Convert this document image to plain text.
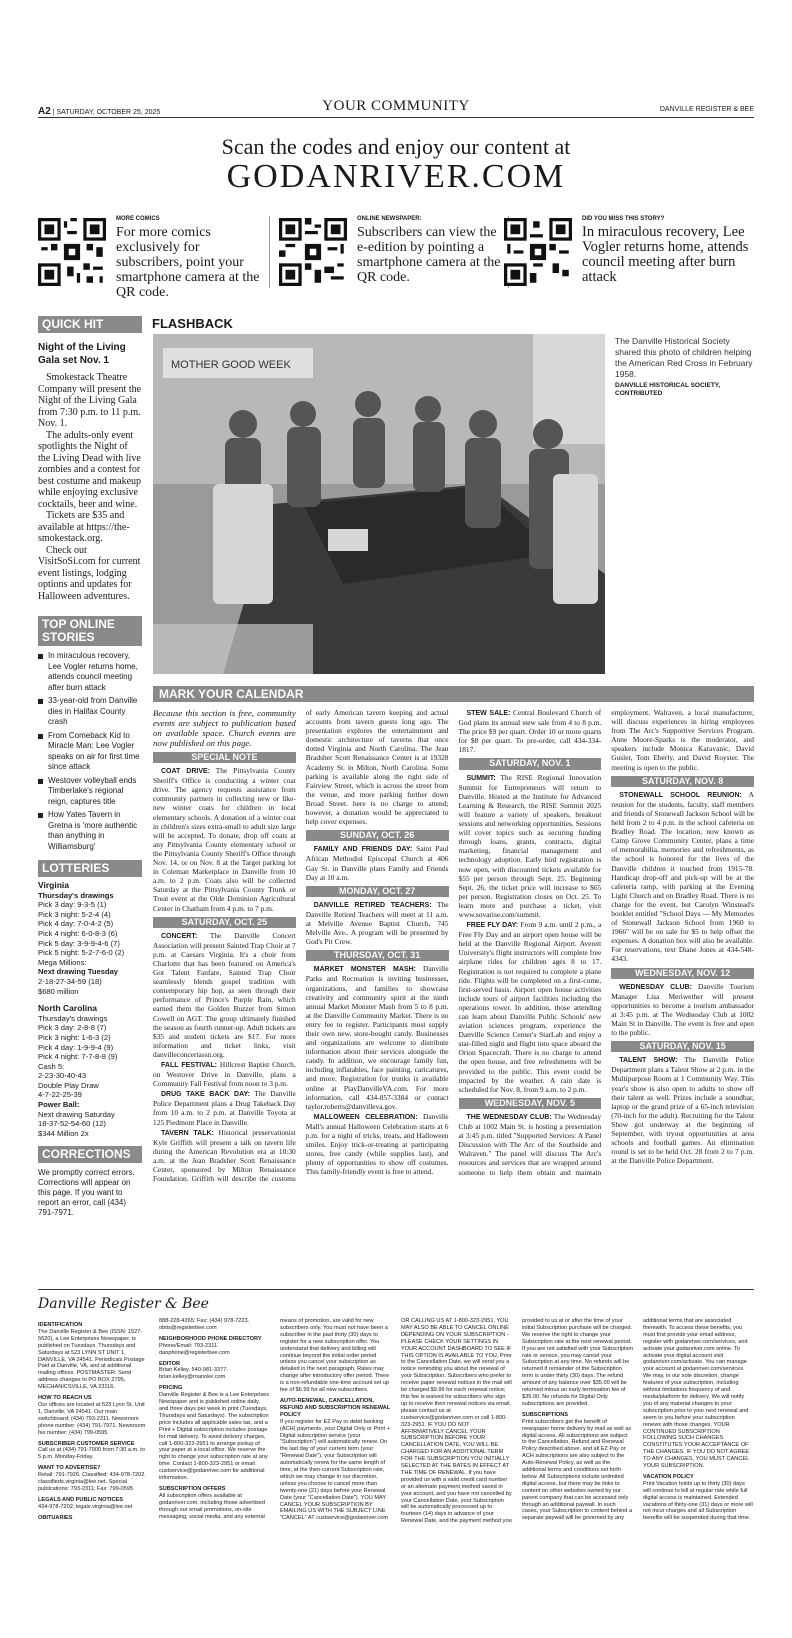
A2 | SATURDAY, OCTOBER 25, 2025	YOUR COMMUNITY	DANVILLE REGISTER & BEE
Scan the codes and enjoy our content at
GODANRIVER.COM
MORE COMICS
For more comics exclusively for subscribers, point your smartphone camera at the QR code.
ONLINE NEWSPAPER:
Subscribers can view the e-edition by pointing a smartphone camera at the QR code.
DID YOU MISS THIS STORY?
In miraculous recovery, Lee Vogler returns home, attends council meeting after burn attack
QUICK HIT
Night of the Living Gala set Nov. 1

Smokestack Theatre Company will present the Night of the Living Gala from 7:30 p.m. to 11 p.m. Nov. 1.

The adults-only event spotlights the Night of the Living Dead with live zombies and a contest for best costume and makeup while enjoying exclusive cocktails, beer and wine.

Tickets are $35 and available at https://the-smokestack.org.

Check out VisitSoSi.com for current event listings, lodging options and updates for Halloween adventures.

TOP ONLINE STORIES
In miraculous recovery, Lee Vogler returns home, attends council meeting after burn attack
33-year-old from Danville dies in Halifax County crash
From Comeback Kid to Miracle Man: Lee Vogler speaks on air for first time since attack
Westover volleyball ends Timberlake's regional reign, captures title
How Yates Tavern in Gretna is 'more authentic than anything in Williamsburg'
LOTTERIES
Virginia
Thursday's drawings
Pick 3 day: 9-3-5 (1)
Pick 3 night: 5-2-4 (4)
Pick 4 day: 7-0-4-2 (5)
Pick 4 night: 6-0-8-3 (6)
Pick 5 day: 3-9-9-4-6 (7)
Pick 5 night: 5-2-7-6-0 (2)
Mega Millions:
Next drawing Tuesday
2-18-27-34-59 (18)
$680 million
North Carolina
Thursday's drawings
Pick 3 day: 2-8-8 (7)
Pick 3 night: 1-6-3 (2)
Pick 4 day: 1-9-9-4 (9)
Pick 4 night: 7-7-8-8 (9)
Cash 5:
2-23-30-40-43
Double Play Draw
4-7-22-25-39
Power Ball:
Next drawing Saturday
18-37-52-54-60 (12)
$344 Million 2x
CORRECTIONS
We promptly correct errors. Corrections will appear on this page. If you want to report an error, call (434) 791-7971.
FLASHBACK
MOTHER GOOD WEEK
The Danville Historical Society shared this photo of children helping the American Red Cross in February 1958.
DANVILLE HISTORICAL SOCIETY, CONTRIBUTED
MARK YOUR CALENDAR
Because this section is free, community events are subject to publication based on available space. Church events are now published on this page.
SPECIAL NOTE

COAT DRIVE: The Pittsylvania County Sheriff's Office is conducting a winter coat drive. The agency requests assistance from community partners in collecting new or like-new winter coats for children in local elementary schools. A donation of a winter coat in children's sizes extra-small to adult size large will be accepted. To donate, drop off coats at any Pittsylvania County elementary school or the Pittsylvania County Sheriff's Office through Nov. 14, or on Nov. 8 at the Target parking lot in Coleman Marketplace in Danville from 10 a.m. to 2 p.m. Coats also will be collected Saturday at the Pittsylvania County Trunk or Treat event at the Olde Dominion Agricultural Center in Chatham from 4 p.m. to 7 p.m.

SATURDAY, OCT. 25

CONCERT: The Danville Concert Association will present Sainted Trap Choir at 7 p.m. at Caesars Virginia. It's a choir from Charlotte that has been featured on America's Got Talent Fanfare, Sainted Trap Choir seamlessly blends gospel tradition with contemporary hip hop, as seen through their performance of Prince's Purple Rain, which earned them the Golden Buzzer from Simon Cowell on AGT. The group ultimately finished the season as fourth runner-up. Adult tickets are $35 and student tickets are $17. For more information and ticket links, visit danvilleconcertassn.org.

FALL FESTIVAL: Hillcrest Baptist Church, on Westover Drive in Danville, plans a Community Fall Festival from noon to 3 p.m.

DRUG TAKE BACK DAY: The Danville Police Department plans a Drug Takeback Day from 10 a.m. to 2 p.m. at Danville Toyota at 125 Piedmont Place in Danville.

TAVERN TALK: Historical preservationist Kyle Griffith will present a talk on tavern life during the American Revolution era at 10:30 a.m. at the Jean Bradsher Scott Renaissance Center, sponsored by Milton Renaissance Foundation. Griffith will describe the customs of early American tavern keeping and actual accounts from tavern guests long ago. The presentation explores the entertainment and domestic architecture of taverns that once dotted Virginia and North Carolina. The Jean Bradsher Scott Renaissance Center is at 19328 Academy St. in Milton, North Carolina. Some parking is available along the right side of Fairview Street, which is across the street from the venue, and more parking further down Broad Street. here is no charge to attend; however, a donation would be appreciated to help cover expenses.

SUNDAY, OCT. 26

FAMILY AND FRIENDS DAY: Saint Paul African Methodist Episcopal Church at 406 Gay St. in Danville plans Family and Friends Day at 10 a.m.

MONDAY, OCT. 27

DANVILLE RETIRED TEACHERS: The Danville Retired Teachers will meet at 11 a.m. at Melville Avenue Baptist Church, 745 Melville Ave.. A program will be presented by God's Pit Crew.

THURSDAY, OCT. 31

MARKET MONSTER MASH: Danville Parks and Recreation is inviting businesses, organizations, and families to showcase creativity and community spirit at the ninth annual Market Monster Mash from 5 to 8 p.m. at the Danville Community Market. There is no entry fee to register. Participants must supply their own new, store-bought candy. Businesses and organizations are welcome to distribute information about their services alongside the candy. In addition, we encourage family fun, including inflatables, face painting, caricatures, and more. Registration for trunks is available online at PlayDanvilleVA.com. For more information, call 434-857-3384 or contact taylor.roberts@danvilleva.gov.

MALLOWEEN CELEBRATION: Danville Mall's annual Halloween Celebration starts at 6 p.m. for a night of tricks, treats, and Halloween smiles. Enjoy trick-or-treating at participating stores, free candy (while supplies last), and plenty of opportunities to show off costumes. This family-friendly event is free to attend.

STEW SALE: Central Boulevard Church of God plans its annual stew sale from 4 to 8 p.m. The price $9 per quart. Order 10 or more quarts for $8 per quart. To pre-order, call 434-334-1817.

SATURDAY, NOV. 1

SUMMIT: The RISE Regional Innovation Summit for Entrepreneurs will return to Danville. Hosted at the Institute for Advanced Learning & Research, the RISE Summit 2025 will feature a variety of speakers, breakout sessions and networking opportunities. Sessions will cover topics such as securing funding through loans, grants, contracts, digital marketing, financial management and technology adoption. Early bird registration is now open, with discounted tickets available for $55 per person through Sept. 25. Beginning Sept. 26, the ticket price will increase to $65 per person. Registration closes on Oct. 25. To learn more and purchase a ticket, visit www.sovarise.com/summit.

FREE FLY DAY: From 9 a.m. until 2 p.m., a Free Fly Day and an airport open house will be held at the Danville Regional Airport. Averett University's flight instructors will complete free airplane rides for children ages 8 to 17. Registration is not required to complete a plane ride. Flights will be completed on a first-come, first-served basis. Airport open house activities include tours of airport facilities including the operations tower. In addition, those attending can learn about Danville Public Schools' new aviation sciences program, experience the Danville Science Center's StarLab and enjoy a star-filled night and flight into space aboard the Orion Spacecraft. There is no charge to attend the open house, and free refreshments will be provided to the public. This event could be impacted by the weather. A rain date is scheduled for Nov. 8, from 9 a.m. to 2 p.m.

WEDNESDAY, NOV. 5

THE WEDNESDAY CLUB: The Wednesday Club at 1002 Main St. is hosting a presentation at 3:45 p.m. titled "Supported Services: A Panel Discussion with The Arc of the Southside and Walraven." The panel will discuss The Arc's resources and services that are wrapped around someone to help them obtain and maintain employment. Walraven, a local manufacturer, will discuss experiences in hiring employees from The Arc's Supportive Services Program. Anne Moore-Sparks is the moderator, and speakers include Monica Karavanic, David Gusler, Tom Eberly, and David Royster. The meeting is open to the public.

SATURDAY, NOV. 8

STONEWALL SCHOOL REUNION: A reunion for the students, faculty, staff members and friends of Stonewall Jackson School will be held from 2 to 4 p.m. in the school cafeteria on Bradley Road. The location, now known as Camp Grove Community Center, plans a time of memorabilia, memories and refreshments, as the school is honored for the lives of the Danville children it touched from 1915-78. Handicap drop-off and pick-up will be at the cafeteria ramp, with parking at the Evening Light Church and on Bradley Road. There is no charge for the event, but Carolyn Winstead's booklet entitled "School Days — My Memories of Stonewall Jackson School from 1960 to 1966" will be on sale for $5 to help offset the expenses. A donation box will also be available. For reservations, text Diane Jones at 434-548-4343.

WEDNESDAY, NOV. 12

WEDNESDAY CLUB: Danville Tourism Manager Lisa Meriwether will present opportunities to become a tourism ambassador at 3:45 p.m. at The Wednesday Club at 1002 Main St in Danville. The event is free and open to the public.

SATURDAY, NOV. 15

TALENT SHOW: The Danville Police Department plans a Talent Show at 2 p.m. in the Multipurpose Room at 1 Community Way. This year's show is also open to adults to show off their talent as well. Prizes include a soundbar, laptop or the grand prize of a 65-inch television (70-inch for the adult). Recruiting for the Talent Show got underway at the beginning of September, with tryout opportunities at area schools and football games. An elimination round is set to be held Oct. 28 from 2 to 7 p.m. at the Danville Police Department.

Danville Register & Bee
IDENTIFICATION
The Danville Register & Bee (ISSN: 1527-5620), a Lee Enterprises Newspaper, is published on Tuesdays, Thursdays and Saturdays at 523 LYNN ST UNIT 1, DANVILLE, VA 24541. Periodicals Postage Paid at Danville, VA, and at additional mailing offices. POSTMASTER: Send address changes to PO BOX 2795, MECHANICSVILLE, VA 23116.
HOW TO REACH US
Our offices are located at 523 Lynn St. Unit 1, Danville, VA 24541. Our main switchboard: (434) 793-2311. Newsroom phone number: (434) 791-7971. Newsroom fax number: (434) 799-0595
SUBSCRIBER CUSTOMER SERVICE
Call us at (434) 791-7900 from 7:30 a.m. to 5 p.m. Monday-Friday.
WANT TO ADVERTISE?
Retail: 791-7926. Classified: 434-978-7202. classifieds.virginia@lee.net. Special publications: 793-2311; Fax: 799-0595
LEGALS AND PUBLIC NOTICES
434-978-7202; legals.virginia@lee.net
OBITUARIES
888-228-4265; Fax: (434) 978-7223. obits@registerbee.com
NEIGHBORHOOD PHONE DIRECTORY
Phone/Email: 793-2311. danphone@registerbee.com
EDITOR
Brian Kelley, 540-981-3377. brian.kelley@roanoke.com
PRICING
Danville Register & Bee is a Lee Enterprises Newspaper and is published online daily, and three days per week in print (Tuesdays, Thursdays and Saturdays). The subscription price includes all applicable sales tax, and a Print + Digital subscription includes postage for mail delivery. To avoid delivery charges, call 1-800-323-2951 to arrange pickup of your paper at a local office. We reserve the right to change your subscription rate at any time. Contact 1-800-323-2951 or email custservice@godanriver.com for additional information.
SUBSCRIPTION OFFERS
All subscription offers available at godanriver.com, including those advertised through our email promotions, on-site messaging, social media, and any external means of promotion, are valid for new subscribers only. You must not have been a subscriber in the past thirty (30) days to register for a new subscription offer. You understand that delivery and billing will continue beyond the initial order period unless you cancel your subscription as detailed in the next paragraph. Rates may change after introductory offer period. There is a non-refundable one-time account set up fee of $6.99 for all new subscribers.
AUTO-RENEWAL, CANCELLATION, REFUND AND SUBSCRIPTION RENEWAL POLICY
If you register for EZ Pay or debit banking (ACH) payments, your Digital Only or Print + Digital subscription service (your "Subscription") will automatically renew. On the last day of your current term (your "Renewal Date"), your Subscription will automatically renew for the same length of time, at the then-current Subscription rate, which we may change in our discretion, unless you choose to cancel more than twenty-one (21) days before your Renewal Date (your "Cancellation Date"). YOU MAY CANCEL YOUR SUBSCRIPTION BY EMAILING US WITH THE SUBJECT LINE "CANCEL" AT custservice@godanriver.com OR CALLING US AT 1-800-323-2951. YOU MAY ALSO BE ABLE TO CANCEL ONLINE DEPENDING ON YOUR SUBSCRIPTION - PLEASE CHECK YOUR SETTINGS IN YOUR ACCOUNT DASHBOARD TO SEE IF THIS OPTION IS AVAILABLE TO YOU. Prior to the Cancellation Date, we will send you a notice reminding you about the renewal of your Subscription. Subscribers who prefer to receive paper renewal notices in the mail will be charged $9.99 for each renewal notice; this fee is waived for subscribers who sign up to receive their renewal notices via email, please contact us at custservice@godanriver.com or call 1-800-323-2951. IF YOU DO NOT AFFIRMATIVELY CANCEL YOUR SUBSCRIPTION BEFORE YOUR CANCELLATION DATE, YOU WILL BE CHARGED FOR AN ADDITIONAL TERM FOR THE SUBSCRIPTION YOU INITIALLY SELECTED AT THE RATES IN EFFECT AT THE TIME OF RENEWAL. If you have provided us with a valid credit card number or an alternate payment method saved in your account, and you have not cancelled by your Cancellation Date, your Subscription will be automatically processed up to fourteen (14) days in advance of your Renewal Date, and the payment method you provided to us at or after the time of your initial Subscription purchase will be charged. We reserve the right to change your Subscription rate at the next renewal period. If you are not satisfied with your Subscription rate or service, you may cancel your Subscription at any time. No refunds will be returned if remainder of the Subscription term is under thirty (30) days. The refund amount of any balance over $35.00 will be returned minus an early termination fee of $35.00. No refunds for Digital Only subscriptions are provided.
SUBSCRIPTIONS
Print subscribers get the benefit of newspaper home delivery by mail as well as digital access. All subscriptions are subject to the Cancellation, Refund and Renewal Policy described above, and all EZ Pay or ACH subscriptions are also subject to the Auto-Renewal Policy, as well as the additional terms and conditions set forth below. All Subscriptions include unlimited digital access, but there may be links to content on other websites owned by our parent company that can be accessed only through an additional paywall. In such cases, your Subscription to content behind a separate paywall will be governed by any additional terms that are associated therewith. To access these benefits, you must first provide your email address, register with godanriver.com/services, and activate your godanriver.com online. To activate your digital account visit godanriver.com/activate. You can manage your account at godanriver.com/services. We may, in our sole discretion, change features of your subscription, including without limitations frequency of and media/platform for delivery. We will notify you of any material changes to your subscription prior to your next renewal and seem to you before your subscription renews with those changes. YOUR CONTINUED SUBSCRIPTION FOLLOWING SUCH CHANGES CONSTITUTES YOUR ACCEPTANCE OF THE CHANGES. IF YOU DO NOT AGREE TO ANY CHANGES, YOU MUST CANCEL YOUR SUBSCRIPTION.
VACATION POLICY
Print Vacation holds up to thirty (30) days will continue to bill at regular rate while full digital access is maintained. Extended vacations of thirty-one (31) days or more will not incur charges and all Subscription benefits will be suspended during that time.
